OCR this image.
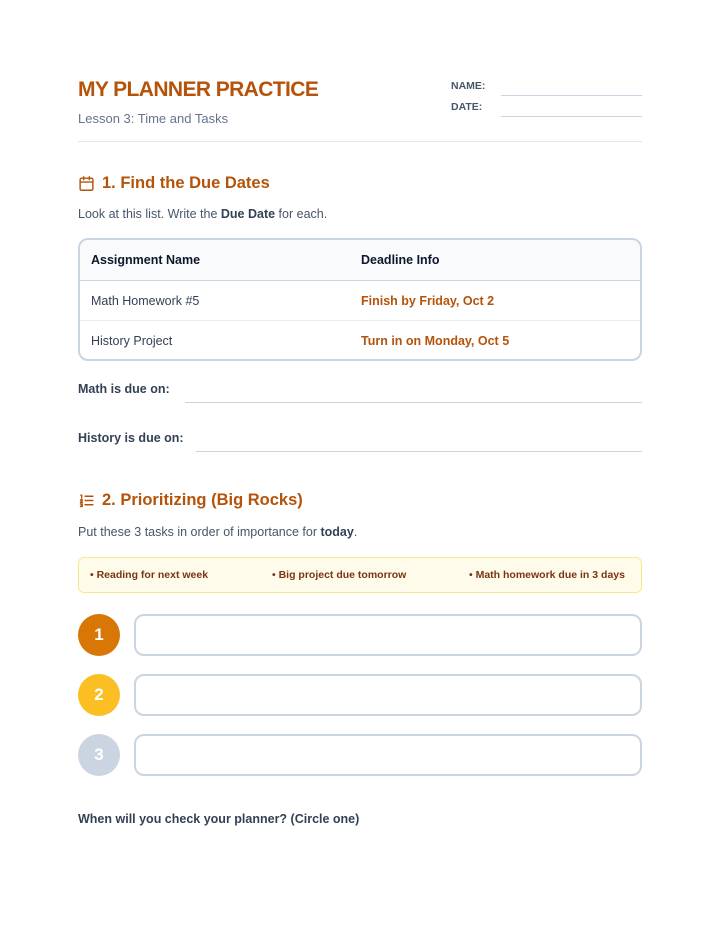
MY PLANNER PRACTICE
Lesson 3: Time and Tasks
NAME:
DATE:
1. Find the Due Dates
Look at this list. Write the Due Date for each.
Assignment Name	Deadline Info
Math Homework #5	Finish by Friday, Oct 2
History Project	Turn in on Monday, Oct 5
Math is due on:
History is due on:
2. Prioritizing (Big Rocks)
Put these 3 tasks in order of importance for today.
• Reading for next week	• Big project due tomorrow	• Math homework due in 3 days
1
2
3
When will you check your planner? (Circle one)
